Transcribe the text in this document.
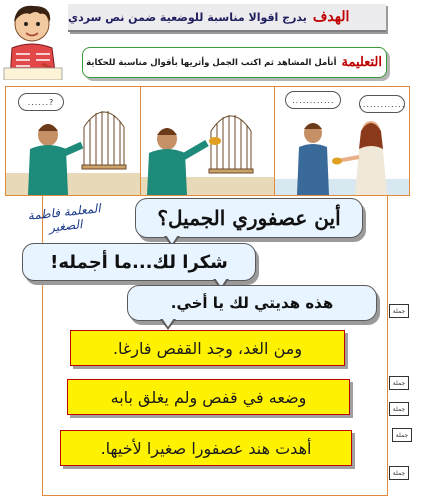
الهدف
يدرج اقوالا مناسبة للوضعية ضمن نص سردي
التعليمة
أتأمل المشاهد ثم اكتب الجمل وأثريها بأقوال مناسبة للحكاية
......?	............	.............
المعلمة فاطمة الصغير	أين عصفوري الجميل؟
شكرا لك...ما أجمله!
هذه هديتي لك يا أخي.
ومن الغد، وجد القفص فارغا.
وضعه في قفص ولم يغلق بابه
أهدت هند عصفورا صغيرا لأخيها.
جملة
جملة
جملة
جملة
جملة
